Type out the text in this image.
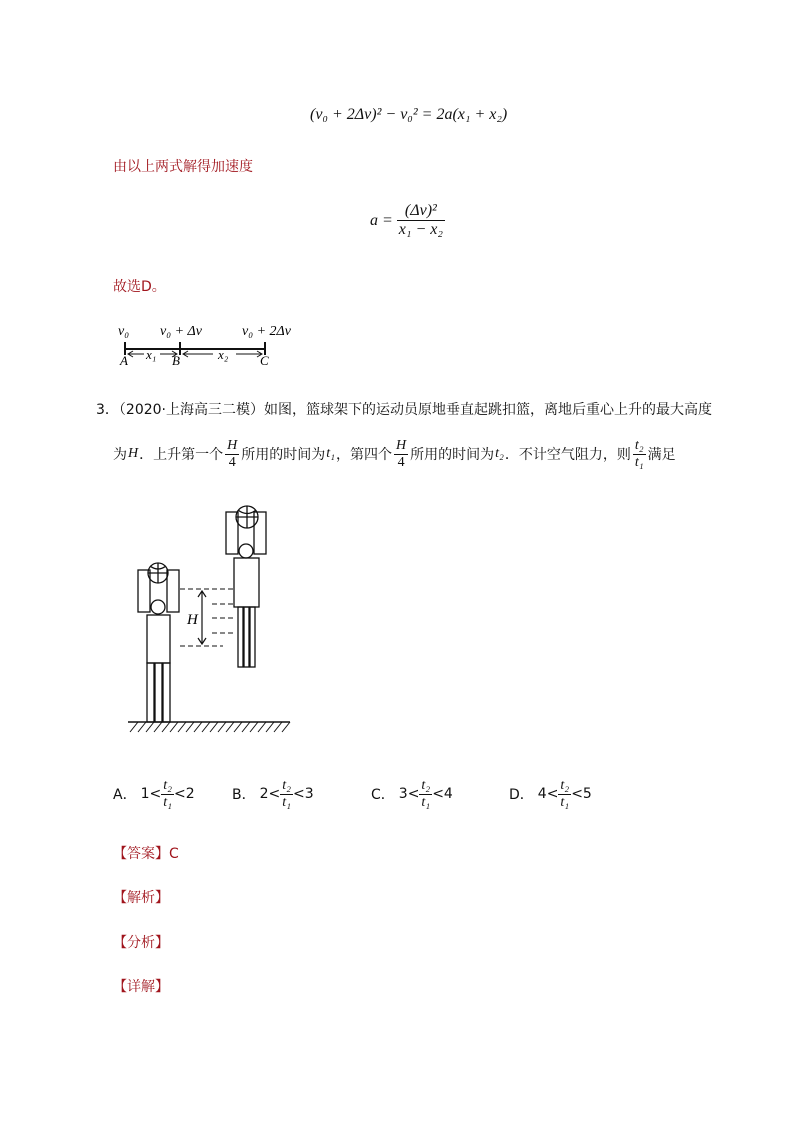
(v₀ + 2Δv)² − v₀² = 2a(x₁ + x₂)
由以上两式解得加速度
$a = \frac{\text{(Δv)²}}{\text{x₁ − x₂}}$
故选D。
v₀ v₀ + Δv	v₀ + 2Δv
A x₁ B	x₂ C
3．（2020·上海高三二模）如图，篮球架下的运动员原地垂直起跳扣篮，离地后重心上升的最大高度
为 H ．上升第一个 $\frac{H}{4}$ 所用的时间为 t₁ ，第四个 $\frac{H}{4}$ 所用的时间为 t₂ ．不计空气阻力，则 $\frac{\text{t₂}}{\text{t₁}}$ 满足
H
A． $1< \frac{\text{t₂}}{\text{t₁}} <2$	B． $2< \frac{\text{t₂}}{\text{t₁}} <3$	C． $3< \frac{\text{t₂}}{\text{t₁}} <4$	D． $4< \frac{\text{t₂}}{\text{t₁}} <5$
【答案】C
【解析】
【分析】
【详解】
